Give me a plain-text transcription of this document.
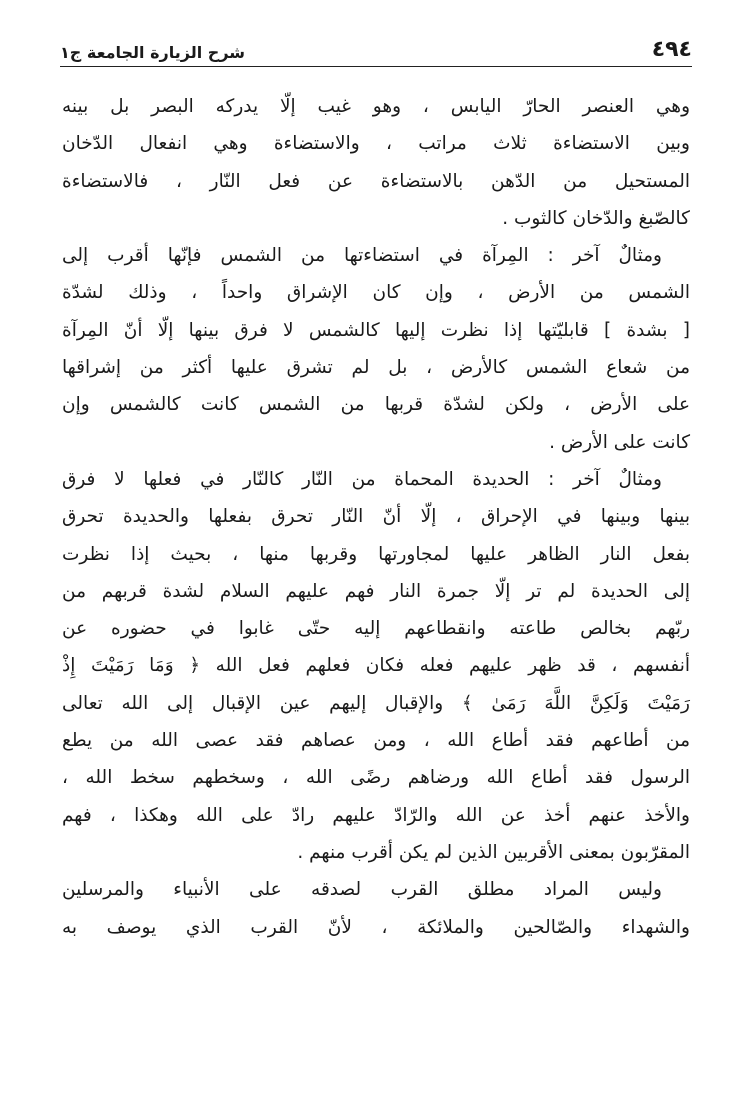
٤٩٤
شرح الزيارة الجامعة ج١

وهي العنصر الحارّ اليابس ، وهو غيب إلّا يدركه البصر بل بينه
وبين الاستضاءة ثلاث مراتب ، والاستضاءة وهي انفعال الدّخان
المستحيل من الدّهن بالاستضاءة عن فعل النّار ، فالاستضاءة
كالصّبغ والدّخان كالثوب .

ومثالٌ آخر : المِرآة في استضاءتها من الشمس فإنّها أقرب إلى
الشمس من الأرض ، وإن كان الإشراق واحداً ، وذلك لشدّة
[ بشدة ] قابليّتها إذا نظرت إليها كالشمس لا فرق بينها إلّا أنّ المِرآة
من شعاع الشمس كالأرض ، بل لم تشرق عليها أكثر من إشراقها
على الأرض ، ولكن لشدّة قربها من الشمس كانت كالشمس وإن
كانت على الأرض .

ومثالٌ آخر : الحديدة المحماة من النّار كالنّار في فعلها لا فرق
بينها وبينها في الإحراق ، إلّا أنّ النّار تحرق بفعلها والحديدة تحرق
بفعل النار الظاهر عليها لمجاورتها وقربها منها ، بحيث إذا نظرت
إلى الحديدة لم تر إلّا جمرة النار فهم عليهم السلام لشدة قربهم من
ربّهم بخالص طاعته وانقطاعهم إليه حتّى غابوا في حضوره عن
أنفسهم ، قد ظهر عليهم فعله فكان فعلهم فعل الله ﴿ وَمَا رَمَيْتَ إِذْ
رَمَيْتَ وَلَكِنَّ اللَّهَ رَمَىٰ ﴾ والإقبال إليهم عين الإقبال إلى الله تعالى
من أطاعهم فقد أطاع الله ، ومن عصاهم فقد عصى الله من يطع
الرسول فقد أطاع الله ورضاهم رضًى الله ، وسخطهم سخط الله ،
والأخذ عنهم أخذ عن الله والرّادّ عليهم رادّ على الله وهكذا ، فهم
المقرّبون بمعنى الأقربين الذين لم يكن أقرب منهم .

وليس المراد مطلق القرب لصدقه على الأنبياء والمرسلين
والشهداء والصّالحين والملائكة ، لأنّ القرب الذي يوصف به
